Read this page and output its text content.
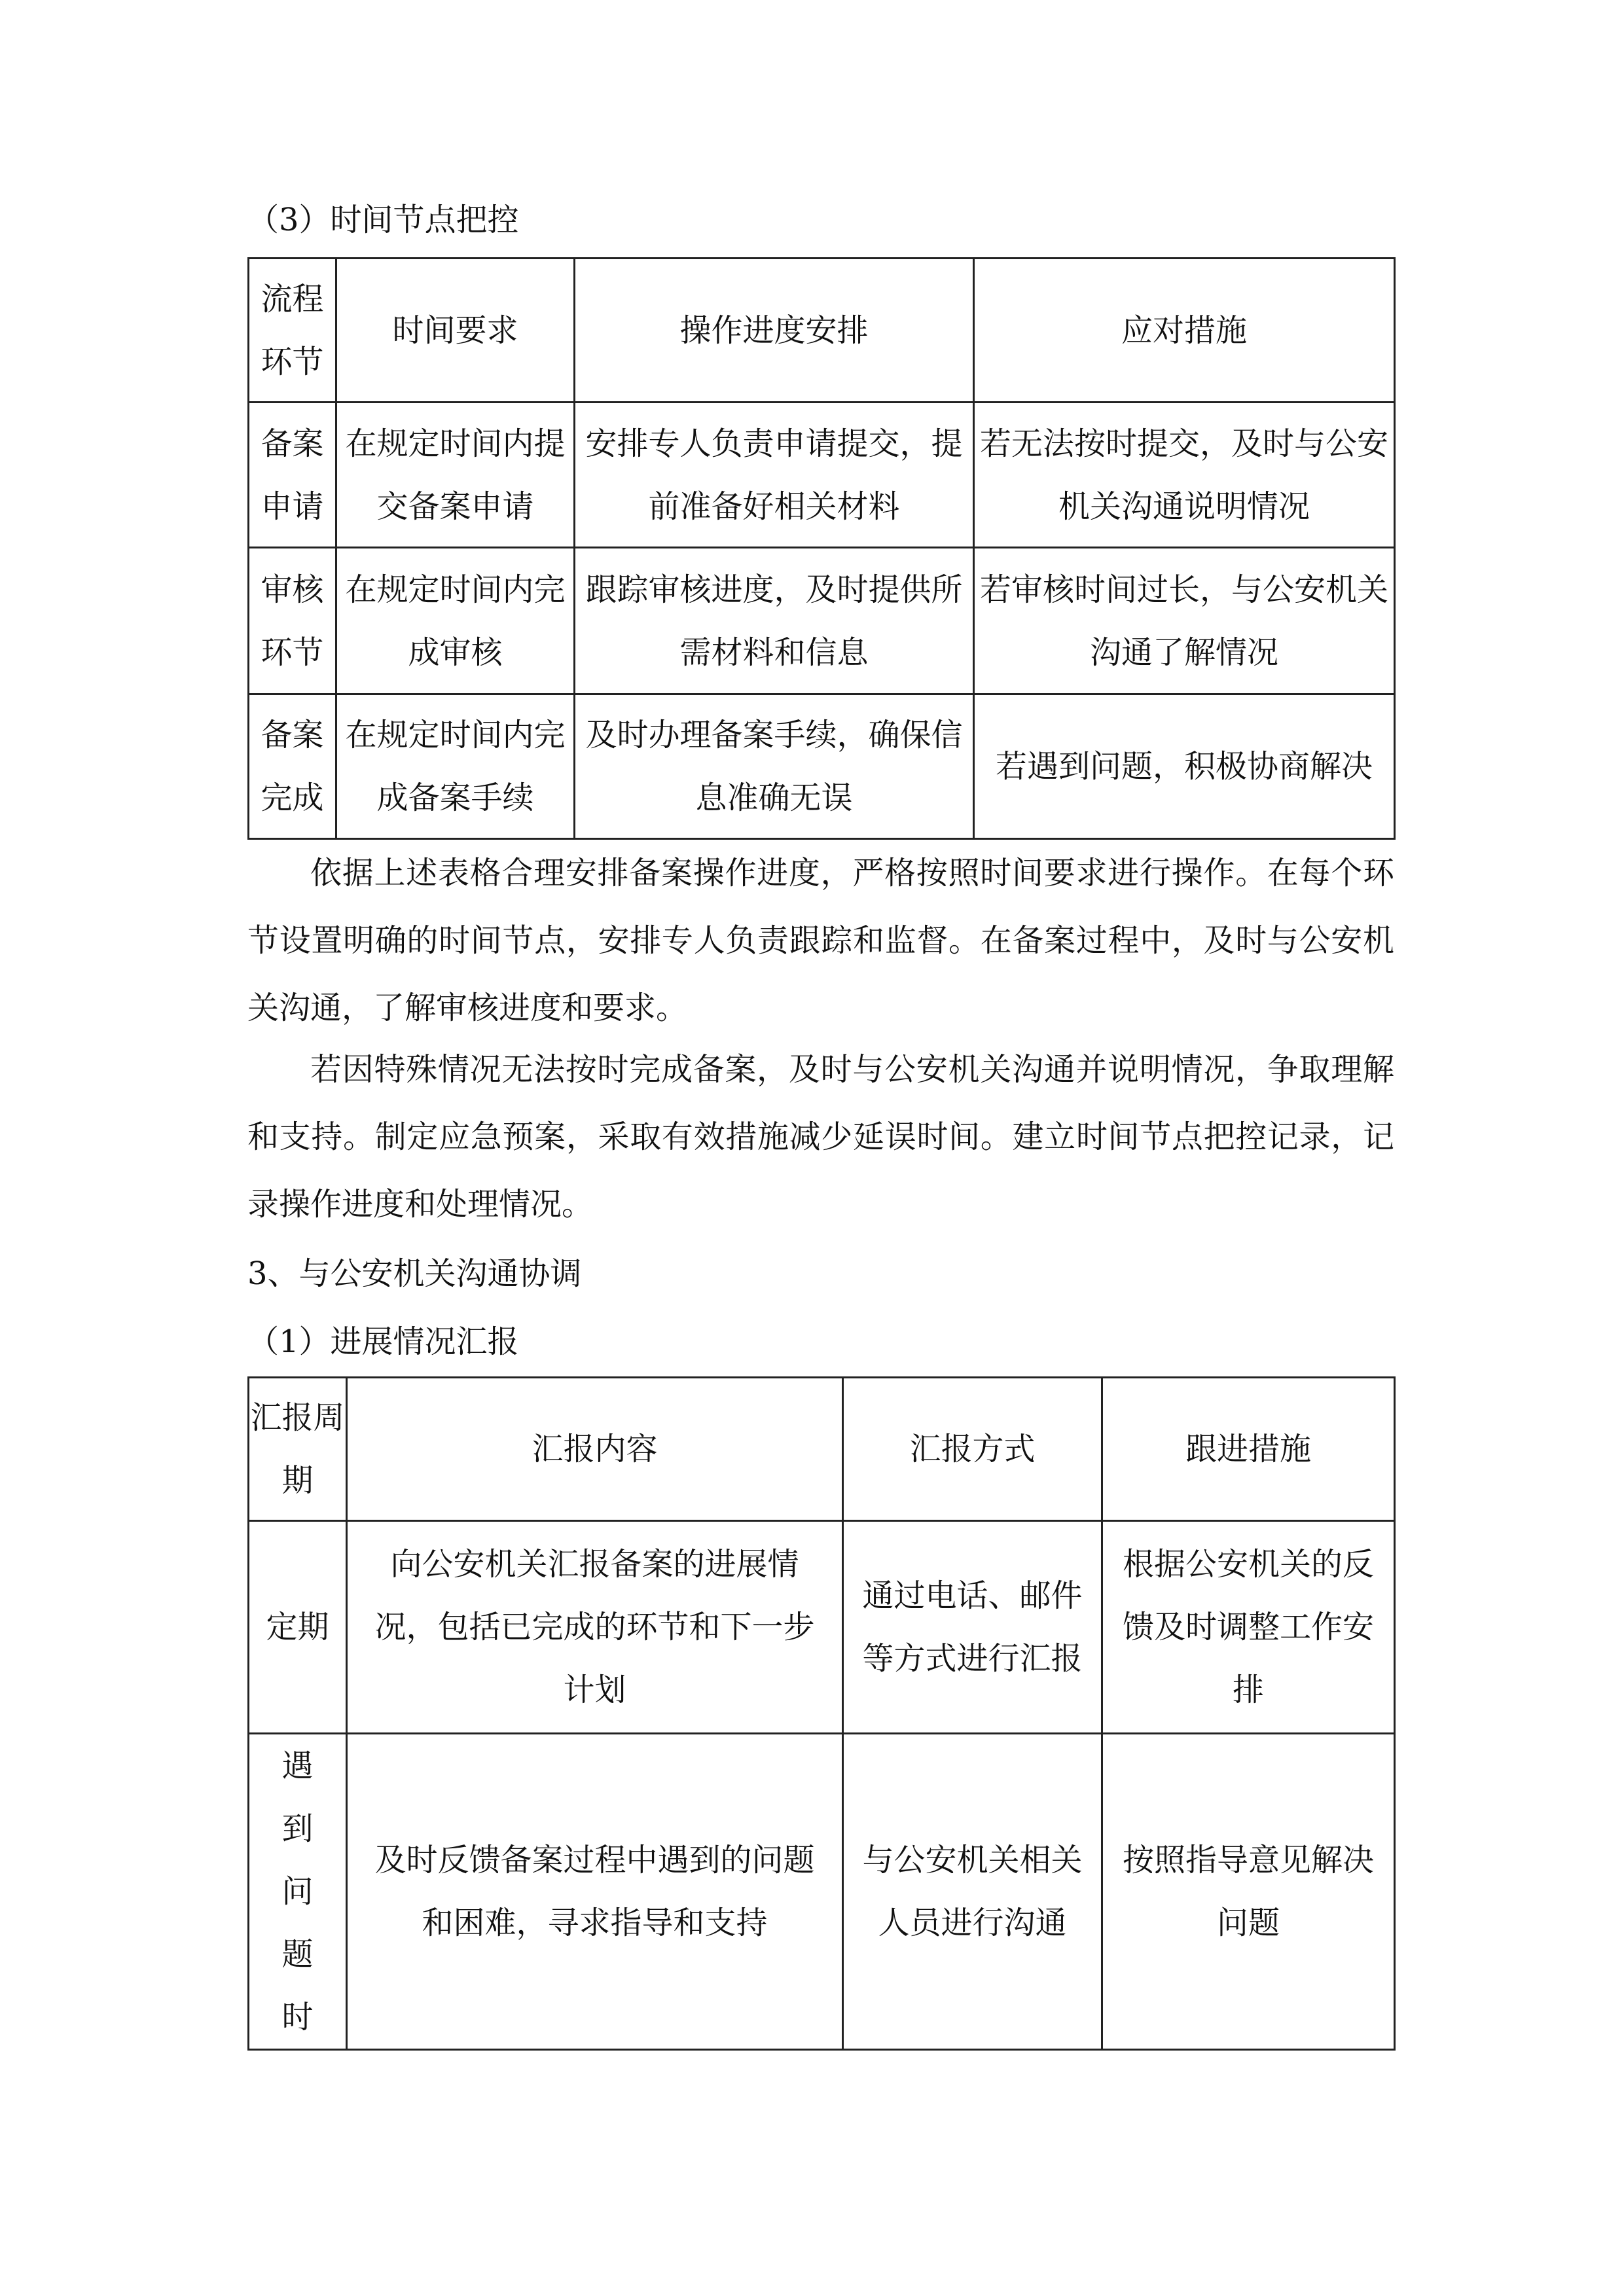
（3）时间节点把控
流程环节	时间要求	操作进度安排	应对措施
备案申请	在规定时间内提交备案申请	安排专人负责申请提交，提前准备好相关材料	若无法按时提交，及时与公安机关沟通说明情况
审核环节	在规定时间内完成审核	跟踪审核进度，及时提供所需材料和信息	若审核时间过长，与公安机关沟通了解情况
备案完成	在规定时间内完成备案手续	及时办理备案手续，确保信息准确无误	若遇到问题，积极协商解决
依据上述表格合理安排备案操作进度，严格按照时间要求进行操作。在每个环节设置明确的时间节点，安排专人负责跟踪和监督。在备案过程中，及时与公安机关沟通，了解审核进度和要求。
若因特殊情况无法按时完成备案，及时与公安机关沟通并说明情况，争取理解和支持。制定应急预案，采取有效措施减少延误时间。建立时间节点把控记录，记录操作进度和处理情况。
3、与公安机关沟通协调
（1）进展情况汇报
汇报周期	汇报内容	汇报方式	跟进措施
定期	向公安机关汇报备案的进展情况，包括已完成的环节和下一步计划	通过电话、邮件等方式进行汇报	根据公安机关的反馈及时调整工作安排
遇到问题时	及时反馈备案过程中遇到的问题和困难，寻求指导和支持	与公安机关相关人员进行沟通	按照指导意见解决问题
